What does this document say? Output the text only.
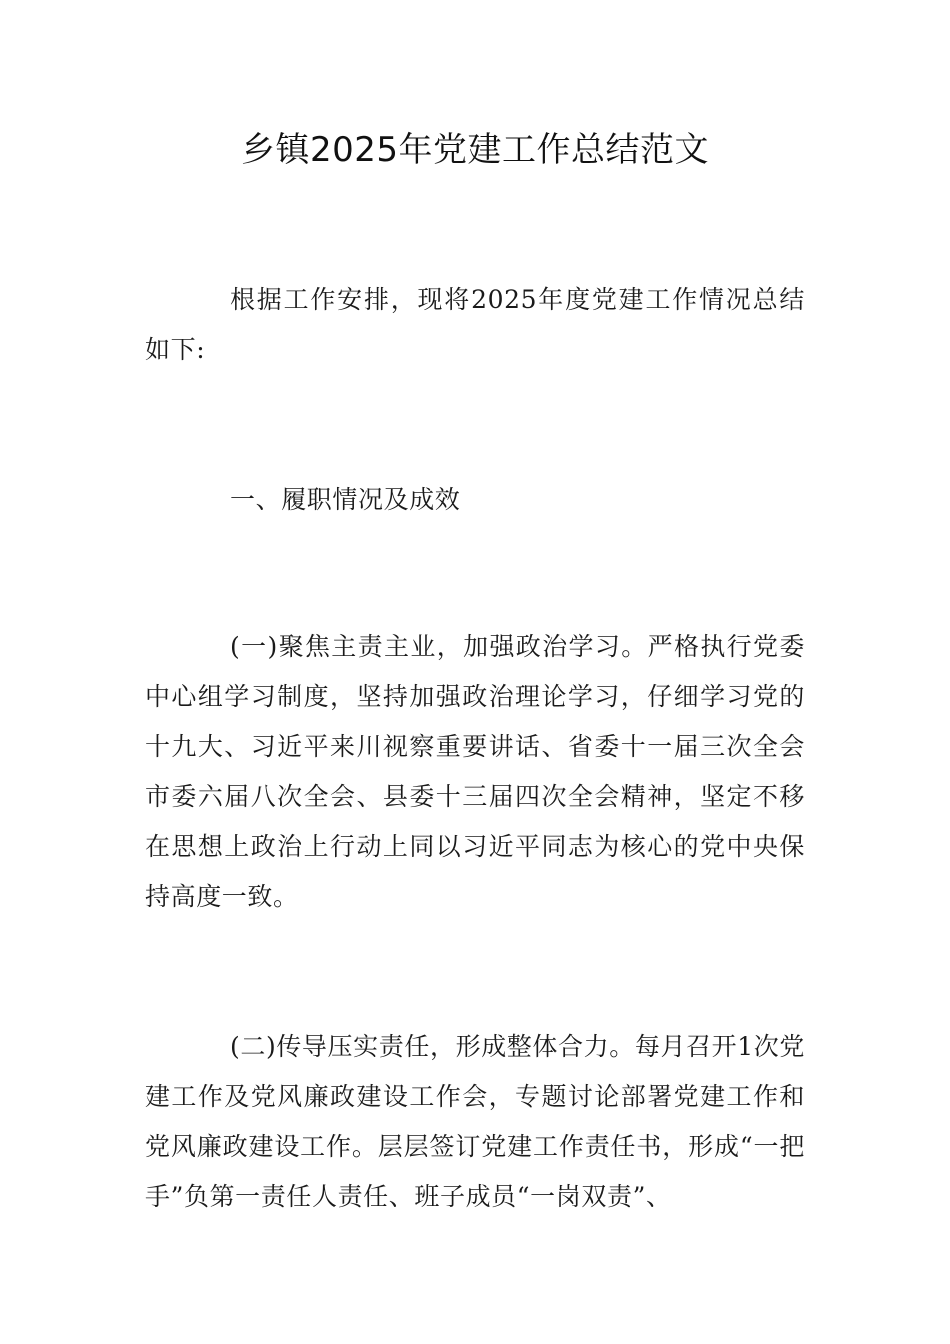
乡镇2025年党建工作总结范文

根据工作安排，现将2025年度党建工作情况总结如下:

一、履职情况及成效

(一)聚焦主责主业，加强政治学习。严格执行党委中心组学习制度，坚持加强政治理论学习，仔细学习党的十九大、习近平来川视察重要讲话、省委十一届三次全会市委六届八次全会、县委十三届四次全会精神，坚定不移在思想上政治上行动上同以习近平同志为核心的党中央保持高度一致。

(二)传导压实责任，形成整体合力。每月召开1次党建工作及党风廉政建设工作会，专题讨论部署党建工作和党风廉政建设工作。层层签订党建工作责任书，形成“一把手”负第一责任人责任、班子成员“一岗双责”、
